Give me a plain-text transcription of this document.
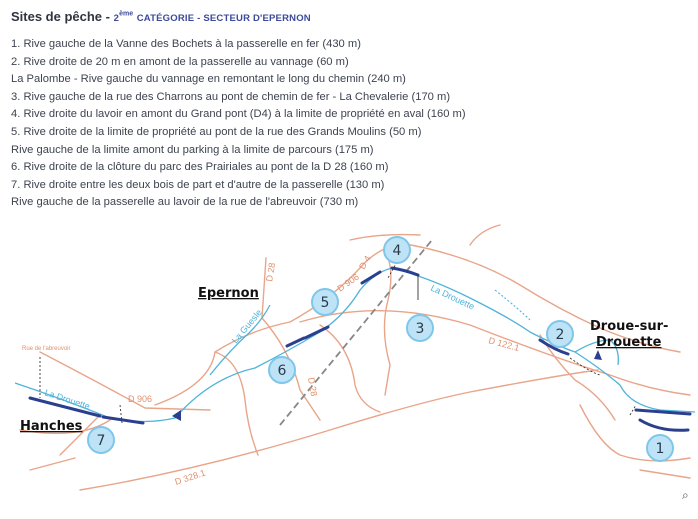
Sites de pêche - 2ème CATÉGORIE - SECTEUR D'EPERNON
1. Rive gauche de la Vanne des Bochets à la passerelle en fer (430 m)
2. Rive droite de 20 m en amont de la passerelle au vannage (60 m)
La Palombe - Rive gauche du vannage en remontant le long du chemin (240 m)
3. Rive gauche de la rue des Charrons au pont de chemin de fer - La Chevalerie (170 m)
4. Rive droite du lavoir en amont du Grand pont (D4) à la limite de propriété en aval (160 m)
5. Rive droite de la limite de propriété au pont de la rue des Grands Moulins (50 m)
Rive gauche de la limite amont du parking à la limite de parcours (175 m)
6. Rive droite de la clôture du parc des Prairiales au pont de la D 28 (160 m)
7. Rive droite entre les deux bois de part et d'autre de la passerelle (130 m)
Rive gauche de la passerelle au lavoir de la rue de l'abreuvoir (730 m)
D 28	D 906
D 4
D 122.1
D 28
D 906
D 328.1
La Drouette
La Drouette
La Guesle
Rue de l'abreuvoir
Epernon
Droue-sur-
Drouette
Hanches
1
2
3
4
5
6
7
⌕
